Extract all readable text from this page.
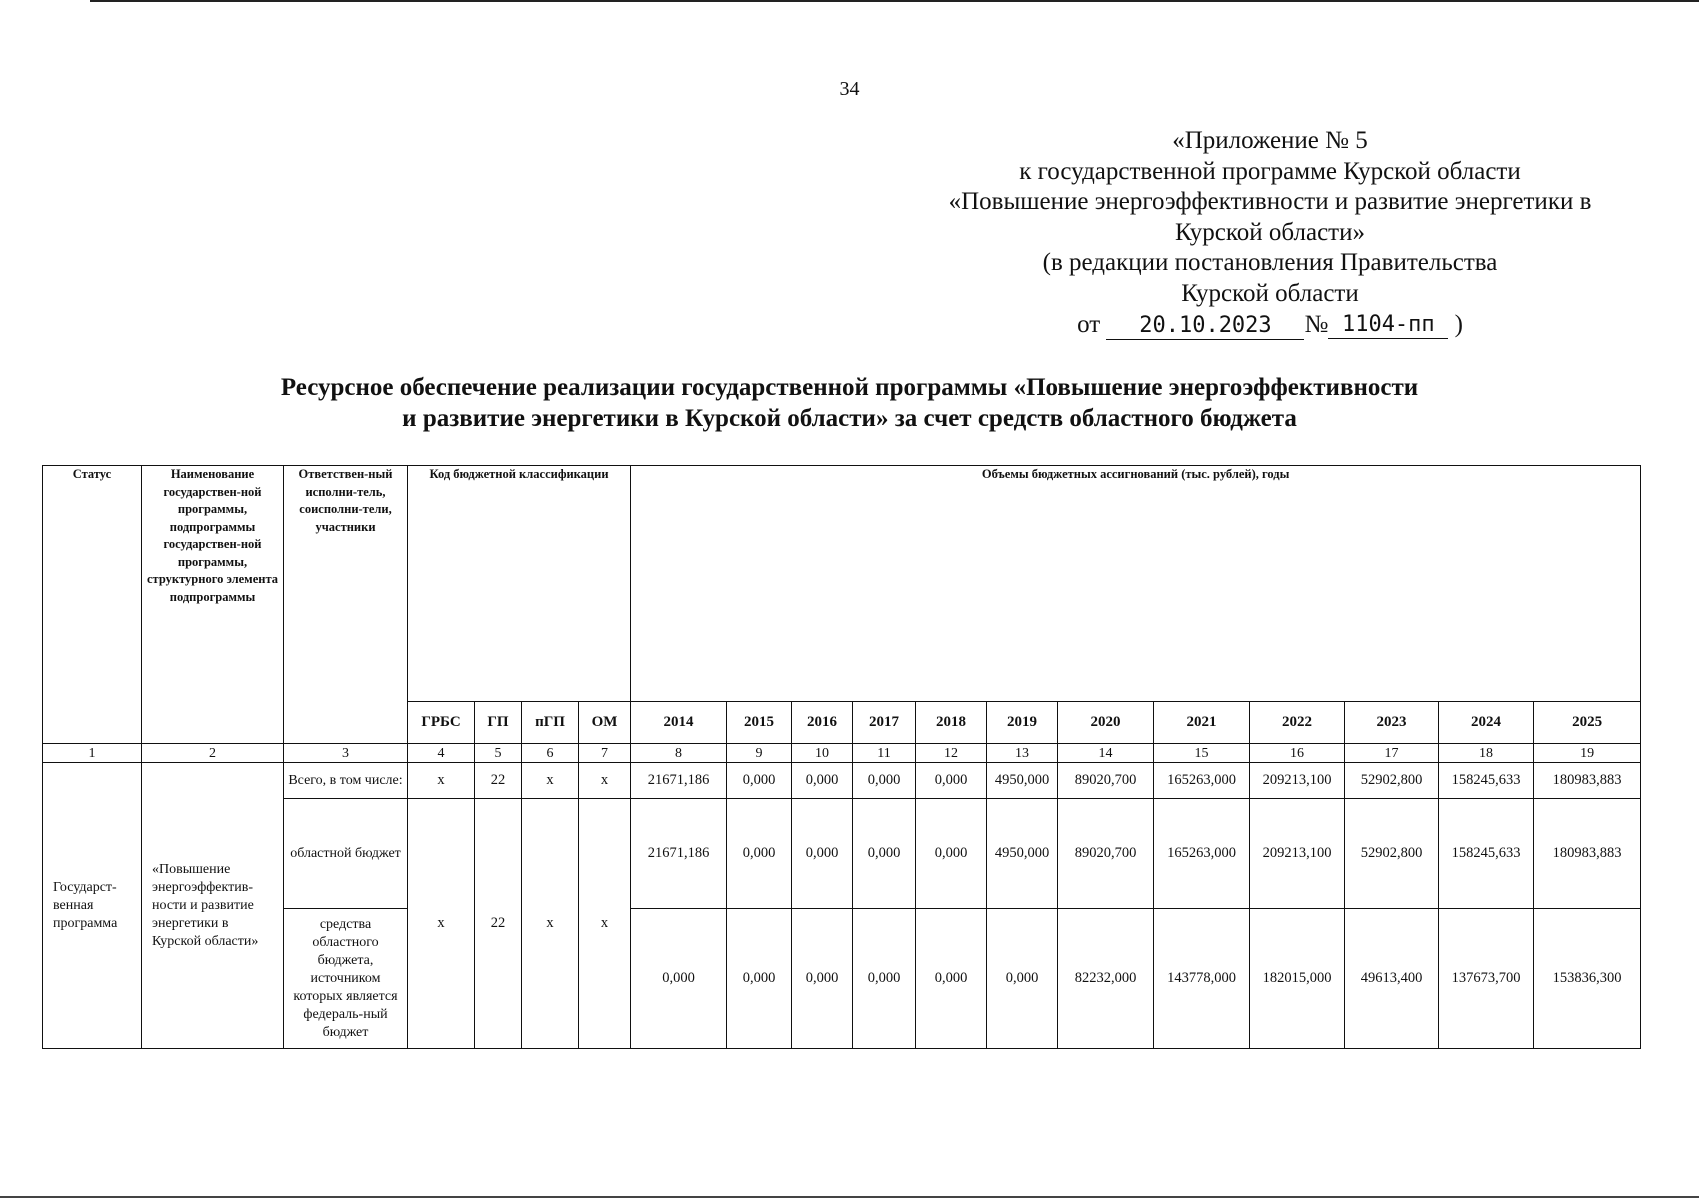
34
«Приложение № 5
к государственной программе Курской области
«Повышение энергоэффективности и развитие энергетики в
Курской области»
(в редакции постановления Правительства
Курской области
от 20.10.2023 № 1104-пп )
Ресурсное обеспечение реализации государственной программы «Повышение энергоэффективности
и развитие энергетики в Курской области» за счет средств областного бюджета
Статус	Наименование государствен-ной программы, подпрограммы государствен-ной программы, структурного элемента подпрограммы	Ответствен-ный исполни-тель, соисполни-тели, участники	Код бюджетной классификации				Объемы бюджетных ассигнований (тыс. рублей), годы											
			ГРБС	ГП	пГП	ОМ	2014	2015	2016	2017	2018	2019	2020	2021	2022	2023	2024	2025
1	2	3	4	5	6	7	8	9	10	11	12	13	14	15	16	17	18	19
Государст-венная программа	«Повышение энергоэффектив-ности и развитие энергетики в Курской области»	Всего, в том числе:	х	22	х	х	21671,186	0,000	0,000	0,000	0,000	4950,000	89020,700	165263,000	209213,100	52902,800	158245,633	180983,883
		областной бюджет	х	22	х	х	21671,186	0,000	0,000	0,000	0,000	4950,000	89020,700	165263,000	209213,100	52902,800	158245,633	180983,883
		средства областного бюджета, источником которых является федераль-ный бюджет					0,000	0,000	0,000	0,000	0,000	0,000	82232,000	143778,000	182015,000	49613,400	137673,700	153836,300
